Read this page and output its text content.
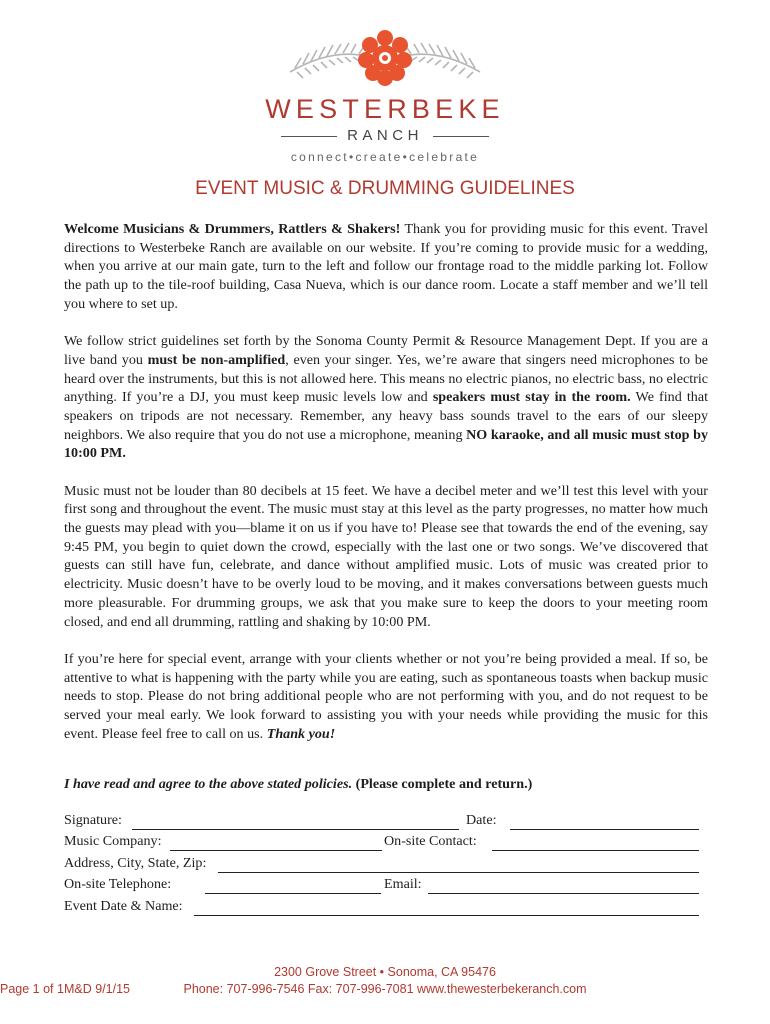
WESTERBEKE
RANCH
connect•create•celebrate
EVENT MUSIC & DRUMMING GUIDELINES

Welcome Musicians & Drummers, Rattlers & Shakers! Thank you for providing music for this event. Travel directions to Westerbeke Ranch are available on our website. If you’re coming to provide music for a wedding, when you arrive at our main gate, turn to the left and follow our frontage road to the middle parking lot. Follow the path up to the tile-roof building, Casa Nueva, which is our dance room. Locate a staff member and we’ll tell you where to set up.

We follow strict guidelines set forth by the Sonoma County Permit & Resource Management Dept. If you are a live band you must be non-amplified, even your singer. Yes, we’re aware that singers need microphones to be heard over the instruments, but this is not allowed here. This means no electric pianos, no electric bass, no electric anything. If you’re a DJ, you must keep music levels low and speakers must stay in the room. We find that speakers on tripods are not necessary. Remember, any heavy bass sounds travel to the ears of our sleepy neighbors. We also require that you do not use a microphone, meaning NO karaoke, and all music must stop by 10:00 PM.

Music must not be louder than 80 decibels at 15 feet. We have a decibel meter and we’ll test this level with your first song and throughout the event. The music must stay at this level as the party progresses, no matter how much the guests may plead with you—blame it on us if you have to! Please see that towards the end of the evening, say 9:45 PM, you begin to quiet down the crowd, especially with the last one or two songs. We’ve discovered that guests can still have fun, celebrate, and dance without amplified music. Lots of music was created prior to electricity. Music doesn’t have to be overly loud to be moving, and it makes conversations between guests much more pleasurable. For drumming groups, we ask that you make sure to keep the doors to your meeting room closed, and end all drumming, rattling and shaking by 10:00 PM.

If you’re here for special event, arrange with your clients whether or not you’re being provided a meal. If so, be attentive to what is happening with the party while you are eating, such as spontaneous toasts when backup music needs to stop. Please do not bring additional people who are not performing with you, and do not request to be served your meal early. We look forward to assisting you with your needs while providing the music for this event. Please feel free to call on us. Thank you!

I have read and agree to the above stated policies. (Please complete and return.)
Signature:	Date:
Music Company:	On-site Contact:
Address, City, State, Zip:
On-site Telephone:	Email:
Event Date & Name:
2300 Grove Street • Sonoma, CA 95476
Phone: 707-996-7546 Fax: 707-996-7081 www.thewesterbekeranch.com
M&D 9/1/15
Page 1 of 1
